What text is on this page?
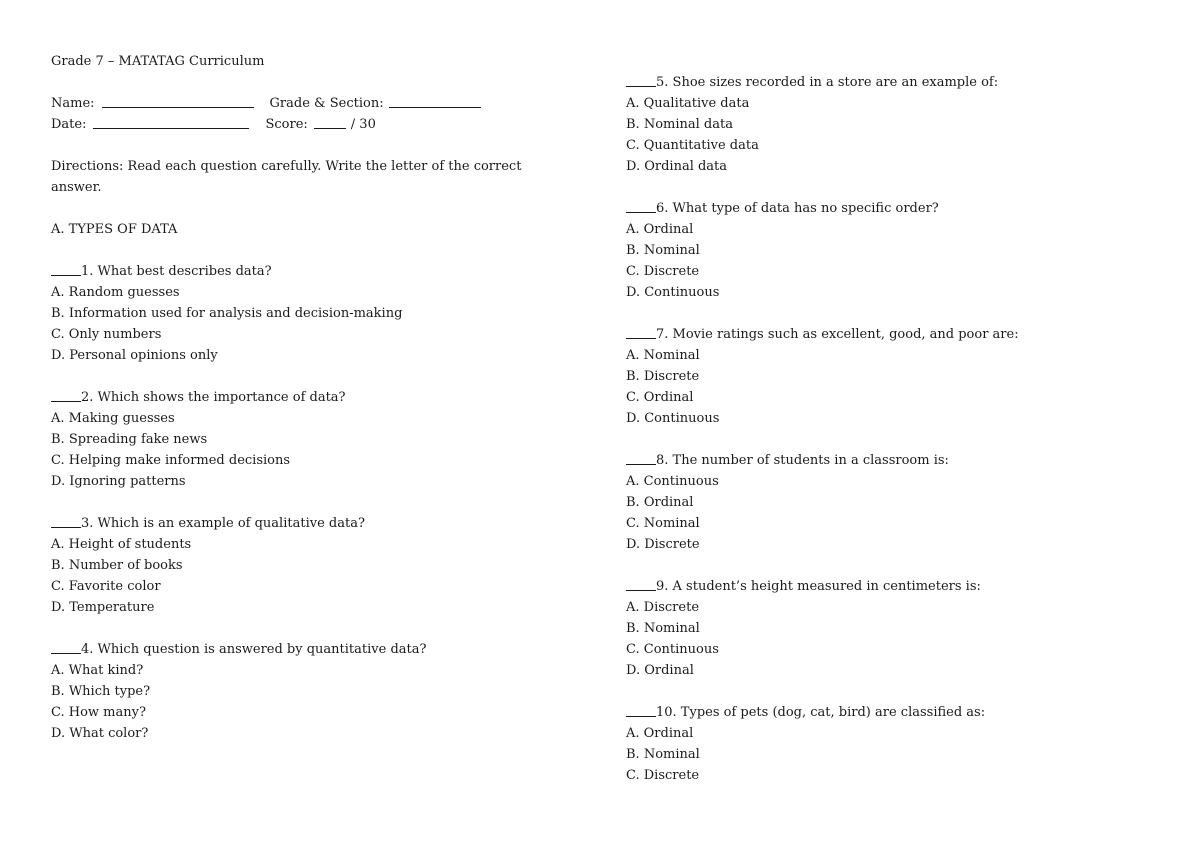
Grade 7 – MATATAG Curriculum
Name:	Grade & Section:
Date:	Score:	/ 30
Directions: Read each question carefully. Write the letter of the correct answer.
A. TYPES OF DATA
1. What best describes data?
A. Random guesses
B. Information used for analysis and decision-making
C. Only numbers
D. Personal opinions only
2. Which shows the importance of data?
A. Making guesses
B. Spreading fake news
C. Helping make informed decisions
D. Ignoring patterns
3. Which is an example of qualitative data?
A. Height of students
B. Number of books
C. Favorite color
D. Temperature
4. Which question is answered by quantitative data?
A. What kind?
B. Which type?
C. How many?
D. What color?
5. Shoe sizes recorded in a store are an example of:
A. Qualitative data
B. Nominal data
C. Quantitative data
D. Ordinal data
6. What type of data has no specific order?
A. Ordinal
B. Nominal
C. Discrete
D. Continuous
7. Movie ratings such as excellent, good, and poor are:
A. Nominal
B. Discrete
C. Ordinal
D. Continuous
8. The number of students in a classroom is:
A. Continuous
B. Ordinal
C. Nominal
D. Discrete
9. A student’s height measured in centimeters is:
A. Discrete
B. Nominal
C. Continuous
D. Ordinal
10. Types of pets (dog, cat, bird) are classified as:
A. Ordinal
B. Nominal
C. Discrete
